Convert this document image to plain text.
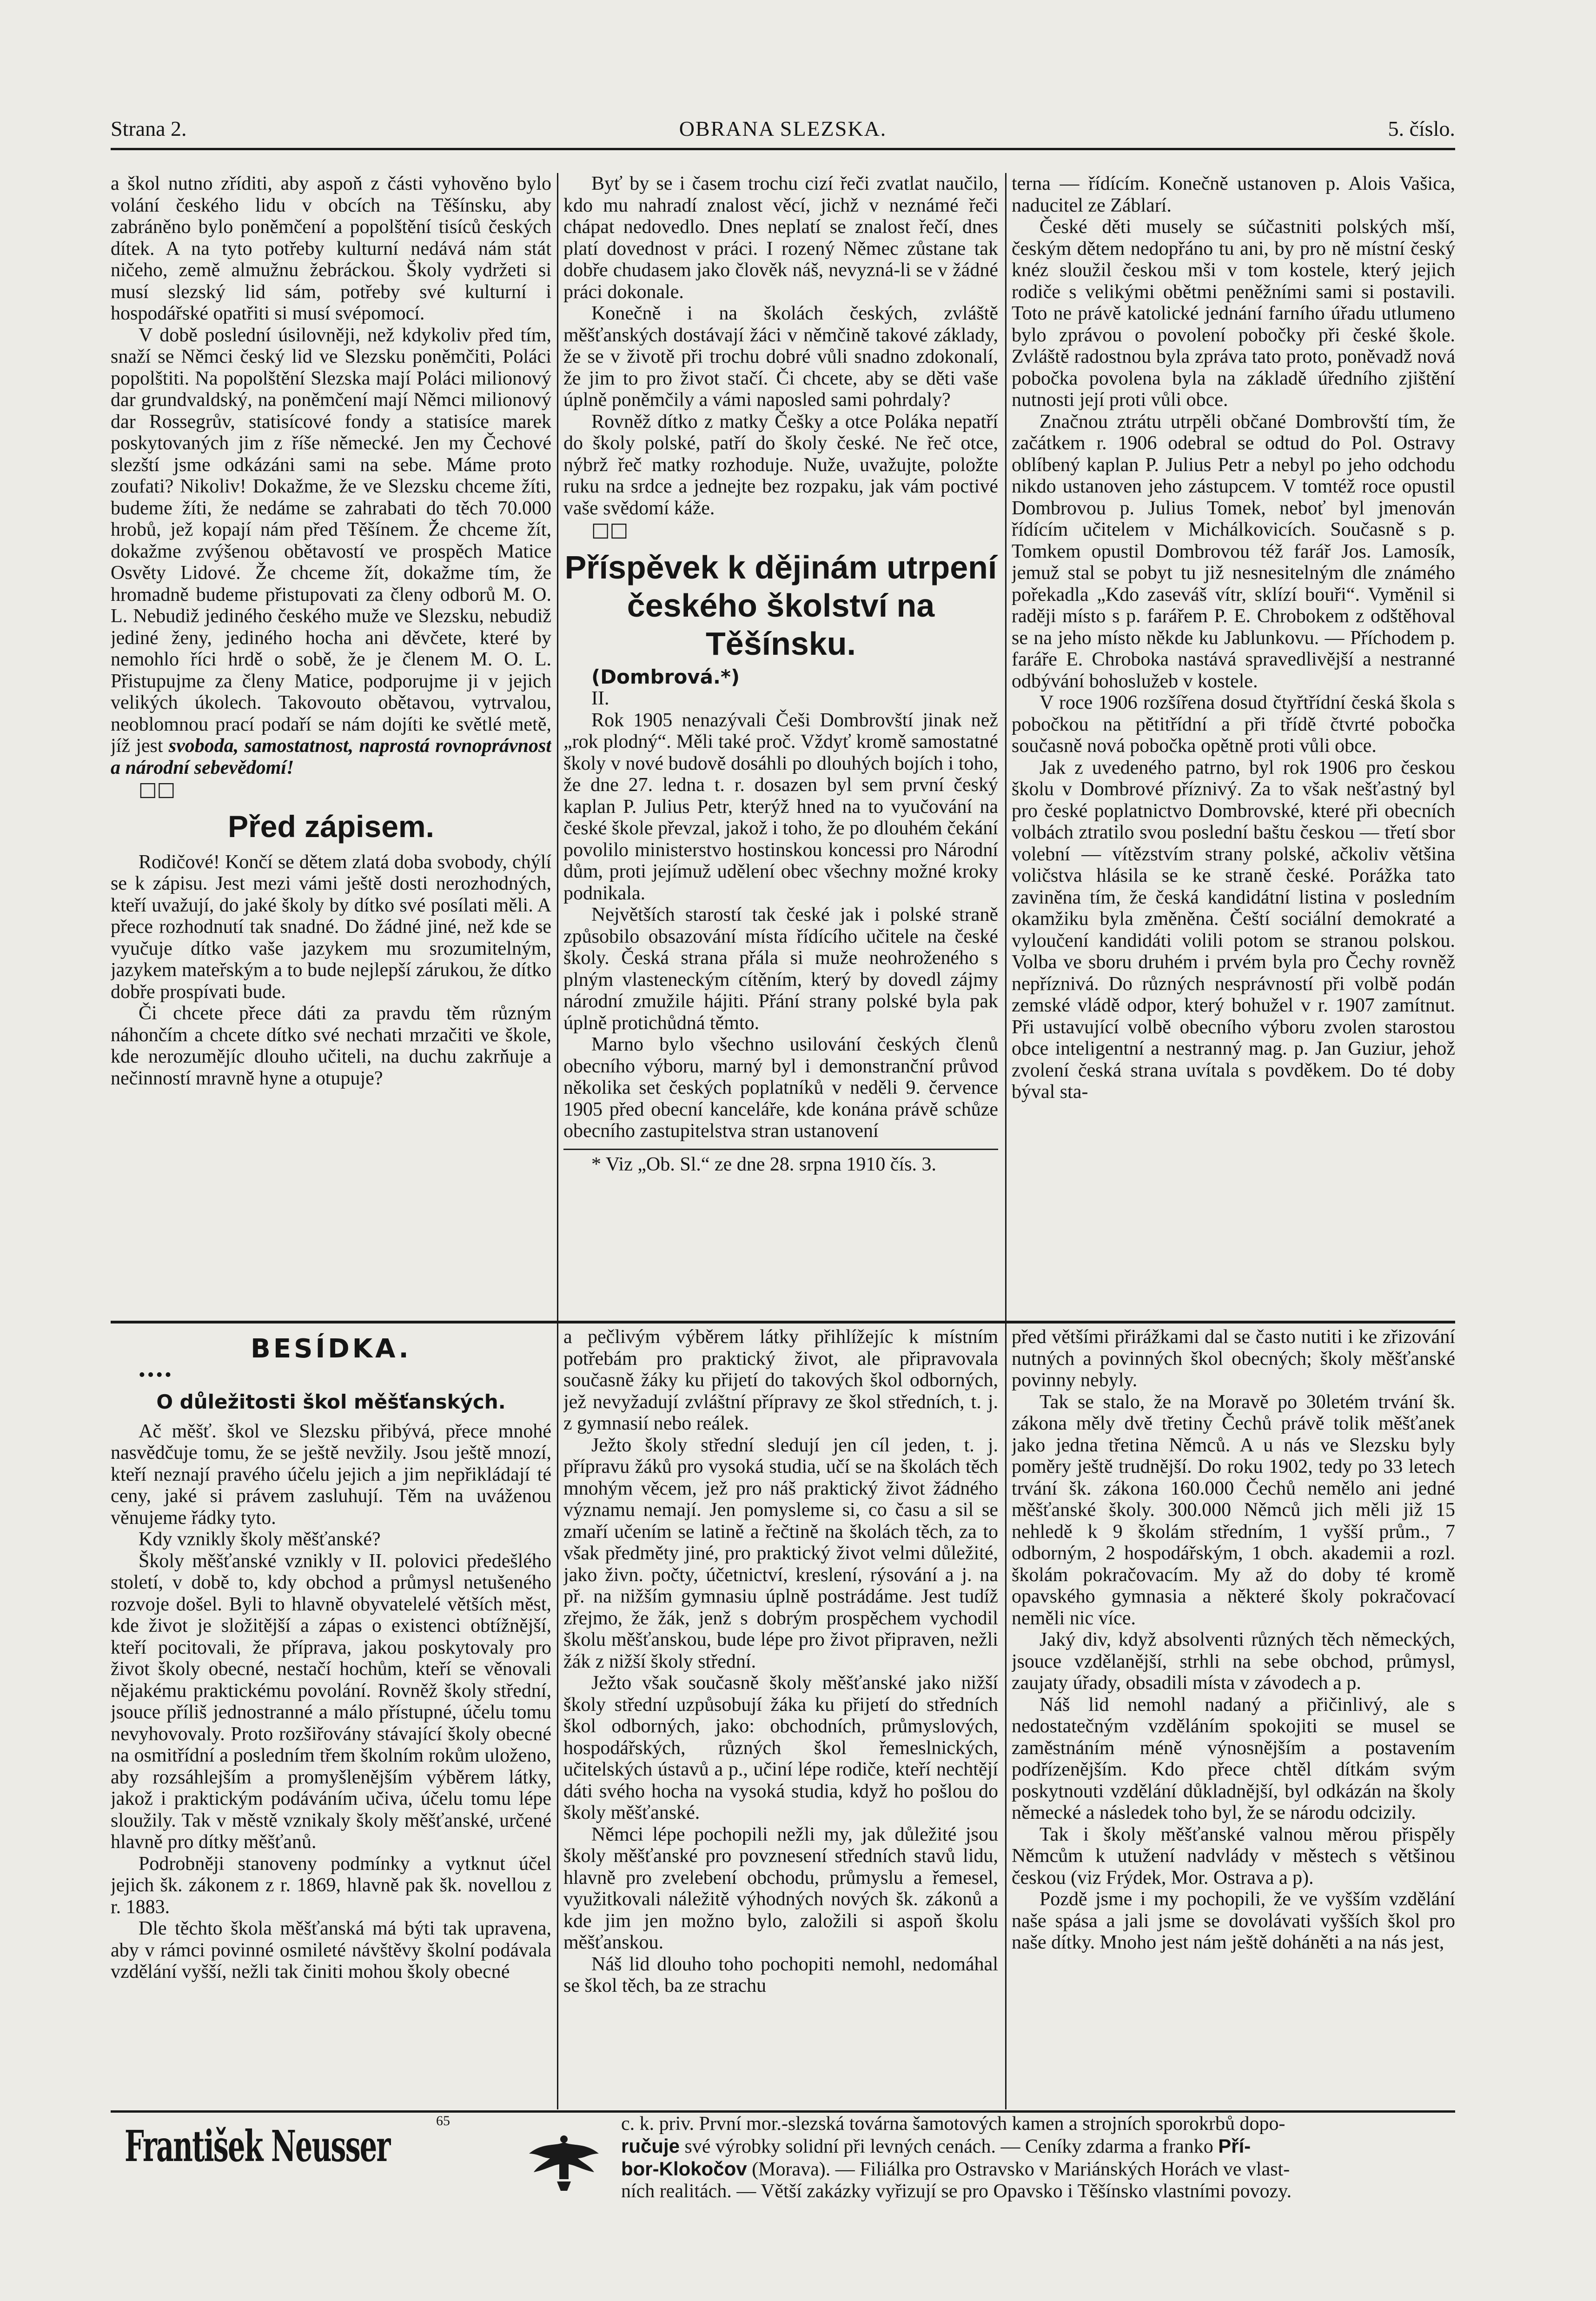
Strana 2.	OBRANA SLEZSKA.	5. číslo.

a škol nutno zříditi, aby aspoň z části vyhověno bylo volání českého lidu v obcích na Těšínsku, aby zabráněno bylo poněmčení a popolštění tisíců českých dítek. A na tyto potřeby kulturní nedává nám stát ničeho, země almužnu žebráckou. Školy vydržeti si musí slezský lid sám, potřeby své kulturní i hospodářské opatřiti si musí svépomocí.

V době poslední úsilovněji, než kdykoliv před tím, snaží se Němci český lid ve Slezsku poněmčiti, Poláci popolštiti. Na popolštění Slezska mají Poláci milionový dar grundvaldský, na poněmčení mají Němci milionový dar Rossegrův, statisícové fondy a statisíce marek poskytovaných jim z říše německé. Jen my Čechové slezští jsme odkázáni sami na sebe. Máme proto zoufati? Nikoliv! Dokažme, že ve Slezsku chceme žíti, budeme žíti, že nedáme se zahrabati do těch 70.000 hrobů, jež kopají nám před Těšínem. Že chceme žít, dokažme zvýšenou obětavostí ve prospěch Matice Osvěty Lidové. Že chceme žít, dokažme tím, že hromadně budeme přistupovati za členy odborů M. O. L. Nebudiž jediného českého muže ve Slezsku, nebudiž jediné ženy, jediného hocha ani děvčete, které by nemohlo říci hrdě o sobě, že je členem M. O. L. Přistupujme za členy Matice, podporujme ji v jejich velikých úkolech. Takovouto obětavou, vytrvalou, neoblomnou prací podaří se nám dojíti ke světlé metě, jíž jest svoboda, samostatnost, naprostá rovnoprávnost a národní sebevědomí!

□□

Před zápisem.

Rodičové! Končí se dětem zlatá doba svobody, chýlí se k zápisu. Jest mezi vámi ještě dosti nerozhodných, kteří uvažují, do jaké školy by dítko své posílati měli. A přece rozhodnutí tak snadné. Do žádné jiné, než kde se vyučuje dítko vaše jazykem mu srozumitelným, jazykem mateřským a to bude nejlepší zárukou, že dítko dobře prospívati bude.

Či chcete přece dáti za pravdu těm různým náhončím a chcete dítko své nechati mrzačiti ve škole, kde nerozumějíc dlouho učiteli, na duchu zakrňuje a nečinností mravně hyne a otupuje?

Byť by se i časem trochu cizí řeči zvatlat naučilo, kdo mu nahradí znalost věcí, jichž v neznámé řeči chápat nedovedlo. Dnes neplatí se znalost řečí, dnes platí dovednost v práci. I rozený Němec zůstane tak dobře chudasem jako člověk náš, nevyzná-li se v žádné práci dokonale.

Konečně i na školách českých, zvláště měšťanských dostávají žáci v němčině takové základy, že se v životě při trochu dobré vůli snadno zdokonalí, že jim to pro život stačí. Či chcete, aby se děti vaše úplně poněmčily a vámi naposled sami pohrdaly?

Rovněž dítko z matky Češky a otce Poláka nepatří do školy polské, patří do školy české. Ne řeč otce, nýbrž řeč matky rozhoduje. Nuže, uvažujte, položte ruku na srdce a jednejte bez rozpaku, jak vám poctivé vaše svědomí káže.

□□

Příspěvek k dějinám utrpení českého školství na Těšínsku.

(Dombrová.*)

II.

Rok 1905 nenazývali Češi Dombrovští jinak než „rok plodný“. Měli také proč. Vždyť kromě samostatné školy v nové budově dosáhli po dlouhých bojích i toho, že dne 27. ledna t. r. dosazen byl sem první český kaplan P. Julius Petr, kterýž hned na to vyučování na české škole převzal, jakož i toho, že po dlouhém čekání povolilo ministerstvo hostinskou koncessi pro Národní dům, proti jejímuž udělení obec všechny možné kroky podnikala.

Největších starostí tak české jak i polské straně způsobilo obsazování místa řídícího učitele na české školy. Česká strana přála si muže neohroženého s plným vlasteneckým cítěním, který by dovedl zájmy národní zmužile hájiti. Přání strany polské byla pak úplně protichůdná těmto.

Marno bylo všechno usilování českých členů obecního výboru, marný byl i demonstranční průvod několika set českých poplatníků v neděli 9. července 1905 před obecní kanceláře, kde konána právě schůze obecního zastupitelstva stran ustanovení

* Viz „Ob. Sl.“ ze dne 28. srpna 1910 čís. 3.

terna — řídícím. Konečně ustanoven p. Alois Vašica, naducitel ze Záblarí.

České děti musely se súčastniti polských mší, českým dětem nedopřáno tu ani, by pro ně místní český knéz sloužil českou mši v tom kostele, který jejich rodiče s velikými obětmi peněžními sami si postavili. Toto ne právě katolické jednání farního úřadu utlumeno bylo zprávou o povolení pobočky při české škole. Zvláště radostnou byla zpráva tato proto, poněvadž nová pobočka povolena byla na základě úředního zjištění nutnosti její proti vůli obce.

Značnou ztrátu utrpěli občané Dombrovští tím, že začátkem r. 1906 odebral se odtud do Pol. Ostravy oblíbený kaplan P. Julius Petr a nebyl po jeho odchodu nikdo ustanoven jeho zástupcem. V tomtéž roce opustil Dombrovou p. Julius Tomek, neboť byl jmenován řídícím učitelem v Michálkovicích. Současně s p. Tomkem opustil Dombrovou též farář Jos. Lamosík, jemuž stal se pobyt tu již nesnesitelným dle známého pořekadla „Kdo zaseváš vítr, sklízí bouři“. Vyměnil si raději místo s p. farářem P. E. Chrobokem z odštěhoval se na jeho místo někde ku Jablunkovu. — Příchodem p. faráře E. Chroboka nastává spravedlivější a nestranné odbývání bohoslužeb v kostele.

V roce 1906 rozšířena dosud čtyřtřídní česká škola s pobočkou na pětitřídní a při třídě čtvrté pobočka současně nová pobočka opětně proti vůli obce.

Jak z uvedeného patrno, byl rok 1906 pro českou školu v Dombrové příznivý. Za to však nešťastný byl pro české poplatnictvo Dombrovské, které při obecních volbách ztratilo svou poslední baštu českou — třetí sbor volební — vítězstvím strany polské, ačkoliv většina voličstva hlásila se ke straně české. Porážka tato zaviněna tím, že česká kandidátní listina v posledním okamžiku byla změněna. Čeští sociální demokraté a vyloučení kandidáti volili potom se stranou polskou. Volba ve sboru druhém i prvém byla pro Čechy rovněž nepříznivá. Do různých nesprávností při volbě podán zemské vládě odpor, který bohužel v r. 1907 zamítnut. Při ustavující volbě obecního výboru zvolen starostou obce inteligentní a nestranný mag. p. Jan Guziur, jehož zvolení česká strana uvítala s povděkem. Do té doby býval sta-

BESÍDKA.

••••

O důležitosti škol měšťanských.

Ač měšť. škol ve Slezsku přibývá, přece mnohé nasvědčuje tomu, že se ještě nevžily. Jsou ještě mnozí, kteří neznají pravého účelu jejich a jim nepřikládají té ceny, jaké si právem zasluhují. Těm na uváženou věnujeme řádky tyto.

Kdy vznikly školy měšťanské?

Školy měšťanské vznikly v II. polovici předešlého století, v době to, kdy obchod a průmysl netušeného rozvoje došel. Byli to hlavně obyvatelelé větších měst, kde život je složitější a zápas o existenci obtížnější, kteří pocitovali, že příprava, jakou poskytovaly pro život školy obecné, nestačí hochům, kteří se věnovali nějakému praktickému povolání. Rovněž školy střední, jsouce příliš jednostranné a málo přístupné, účelu tomu nevyhovovaly. Proto rozšiřovány stávající školy obecné na osmitřídní a posledním třem školním rokům uloženo, aby rozsáhlejším a promyšlenějším výběrem látky, jakož i praktickým podáváním učiva, účelu tomu lépe sloužily. Tak v městě vznikaly školy měšťanské, určené hlavně pro dítky měšťanů.

Podrobněji stanoveny podmínky a vytknut účel jejich šk. zákonem z r. 1869, hlavně pak šk. novellou z r. 1883.

Dle těchto škola měšťanská má býti tak upravena, aby v rámci povinné osmileté návštěvy školní podávala vzdělání vyšší, nežli tak činiti mohou školy obecné

a pečlivým výběrem látky přihlížejíc k místním potřebám pro praktický život, ale připravovala současně žáky ku přijetí do takových škol odborných, jež nevyžadují zvláštní přípravy ze škol středních, t. j. z gymnasií nebo reálek.

Ježto školy střední sledují jen cíl jeden, t. j. přípravu žáků pro vysoká studia, učí se na školách těch mnohým věcem, jež pro náš praktický život žádného významu nemají. Jen pomysleme si, co času a sil se zmaří učením se latině a řečtině na školách těch, za to však předměty jiné, pro praktický život velmi důležité, jako živn. počty, účetnictví, kreslení, rýsování a j. na př. na nižším gymnasiu úplně postrádáme. Jest tudíž zřejmo, že žák, jenž s dobrým prospěchem vychodil školu měšťanskou, bude lépe pro život připraven, nežli žák z nižší školy střední.

Ježto však současně školy měšťanské jako nižší školy střední uzpůsobují žáka ku přijetí do středních škol odborných, jako: obchodních, průmyslových, hospodářských, různých škol řemeslnických, učitelských ústavů a p., učiní lépe rodiče, kteří nechtějí dáti svého hocha na vysoká studia, když ho pošlou do školy měšťanské.

Němci lépe pochopili nežli my, jak důležité jsou školy měšťanské pro povznesení středních stavů lidu, hlavně pro zvelebení obchodu, průmyslu a řemesel, využitkovali náležitě výhodných nových šk. zákonů a kde jim jen možno bylo, založili si aspoň školu měšťanskou.

Náš lid dlouho toho pochopiti nemohl, nedomáhal se škol těch, ba ze strachu

před většími přirážkami dal se často nutiti i ke zřizování nutných a povinných škol obecných; školy měšťanské povinny nebyly.

Tak se stalo, že na Moravě po 30letém trvání šk. zákona měly dvě třetiny Čechů právě tolik měšťanek jako jedna třetina Němců. A u nás ve Slezsku byly poměry ještě trudnější. Do roku 1902, tedy po 33 letech trvání šk. zákona 160.000 Čechů nemělo ani jedné měšťanské školy. 300.000 Němců jich měli již 15 nehledě k 9 školám středním, 1 vyšší prům., 7 odborným, 2 hospodářským, 1 obch. akademii a rozl. školám pokračovacím. My až do doby té kromě opavského gymnasia a některé školy pokračovací neměli nic více.

Jaký div, když absolventi různých těch německých, jsouce vzdělanější, strhli na sebe obchod, průmysl, zaujaty úřady, obsadili místa v závodech a p.

Náš lid nemohl nadaný a přičinlivý, ale s nedostatečným vzděláním spokojiti se musel se zaměstnáním méně výnosnějším a postavením podřízenějším. Kdo přece chtěl dítkám svým poskytnouti vzdělání důkladnější, byl odkázán na školy německé a následek toho byl, že se národu odcizily.

Tak i školy měšťanské valnou měrou přispěly Němcům k utužení nadvlády v městech s většinou českou (viz Frýdek, Mor. Ostrava a p).

Pozdě jsme i my pochopili, že ve vyšším vzdělání naše spása a jali jsme se dovolávati vyšších škol pro naše dítky. Mnoho jest nám ještě doháněti a na nás jest,

František Neusser
65	c. k. priv. První mor.-slezská továrna šamotových kamen a strojních sporokrbů dopo-
ručuje své výrobky solidní při levných cenách. — Ceníky zdarma a franko Pří-
bor-Klokočov (Morava). — Filiálka pro Ostravsko v Mariánských Horách ve vlast-
ních realitách. — Větší zakázky vyřizují se pro Opavsko i Těšínsko vlastními povozy.
